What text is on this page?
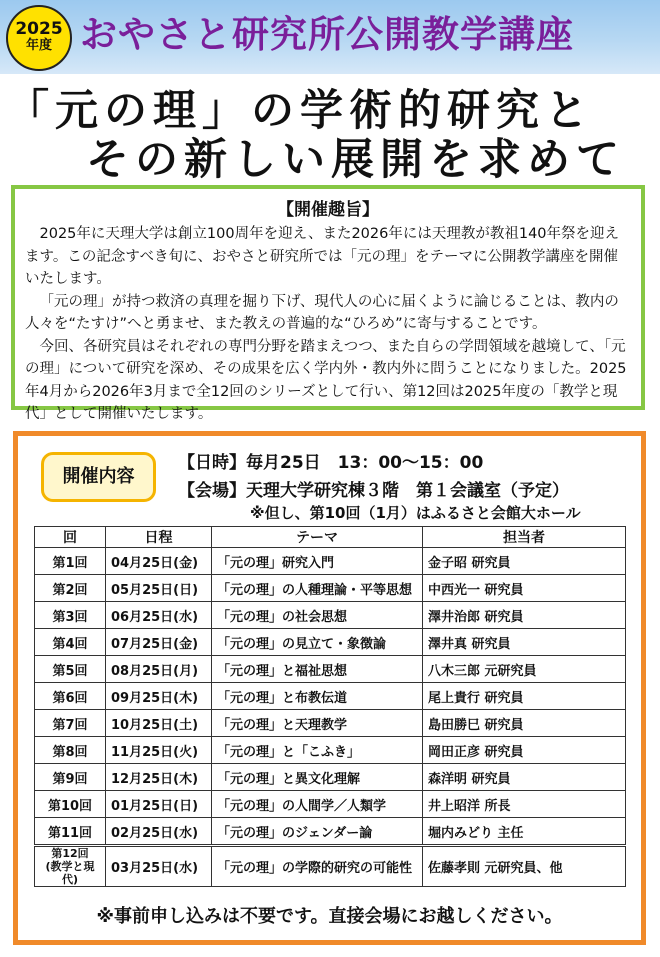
2025
年度 おやさと研究所公開教学講座
「元の理」の学術的研究と
その新しい展開を求めて
【開催趣旨】

2025年に天理大学は創立100周年を迎え、また2026年には天理教が教祖140年祭を迎えます。この記念すべき旬に、おやさと研究所では「元の理」をテーマに公開教学講座を開催いたします。

「元の理」が持つ救済の真理を掘り下げ、現代人の心に届くように論じることは、教内の人々を“たすけ”へと勇ませ、また教えの普遍的な“ひろめ”に寄与することです。

今回、各研究員はそれぞれの専門分野を踏まえつつ、また自らの学問領域を越境して、「元の理」について研究を深め、その成果を広く学内外・教内外に問うことになりました。2025年4月から2026年3月まで全12回のシリーズとして行い、第12回は2025年度の「教学と現代」として開催いたします。

開催内容
【日時】毎月25日　13：00〜15：00
【会場】天理大学研究棟３階　第１会議室（予定）
※但し、第10回（1月）はふるさと会館大ホール
回	日程	テーマ	担当者
第1回	04月25日(金)	「元の理」研究入門	金子昭 研究員
第2回	05月25日(日)	「元の理」の人種理論・平等思想	中西光一 研究員
第3回	06月25日(水)	「元の理」の社会思想	澤井治郎 研究員
第4回	07月25日(金)	「元の理」の見立て・象徴論	澤井真 研究員
第5回	08月25日(月)	「元の理」と福祉思想	八木三郎 元研究員
第6回	09月25日(木)	「元の理」と布教伝道	尾上貴行 研究員
第7回	10月25日(土)	「元の理」と天理教学	島田勝巳 研究員
第8回	11月25日(火)	「元の理」と「こふき」	岡田正彦 研究員
第9回	12月25日(木)	「元の理」と異文化理解	森洋明 研究員
第10回	01月25日(日)	「元の理」の人間学／人類学	井上昭洋 所長
第11回	02月25日(水)	「元の理」のジェンダー論	堀内みどり 主任

第12回
(教学と現代)	03月25日(水)	「元の理」の学際的研究の可能性	佐藤孝則 元研究員、他
※事前申し込みは不要です。直接会場にお越しください。
